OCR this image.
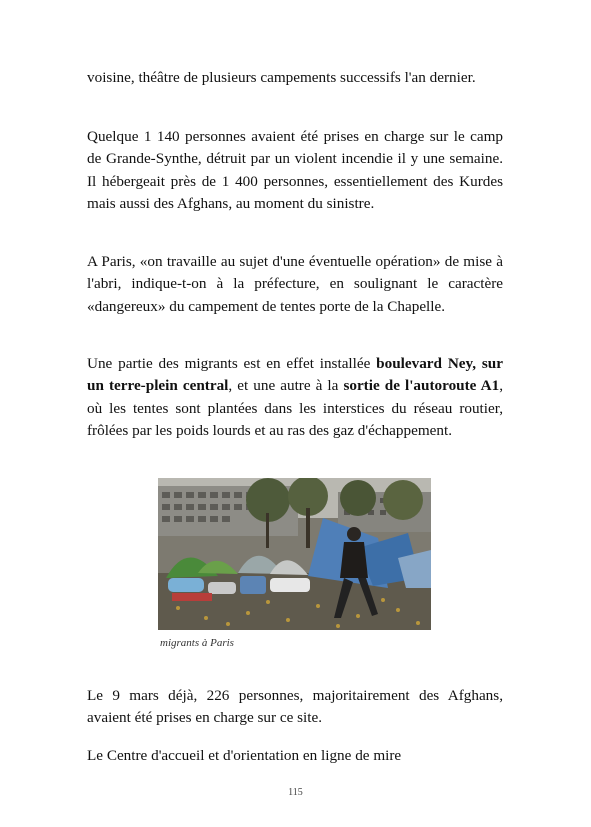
voisine, théâtre de plusieurs campements successifs l'an dernier.

Quelque 1 140 personnes avaient été prises en charge sur le camp de Grande-Synthe, détruit par un violent incendie il y une semaine. Il hébergeait près de 1 400 personnes, essentiellement des Kurdes mais aussi des Afghans, au moment du sinistre.

A Paris, «on travaille au sujet d'une éventuelle opération» de mise à l'abri, indique-t-on à la préfecture, en soulignant le caractère «dangereux» du campement de tentes porte de la Chapelle.

Une partie des migrants est en effet installée boulevard Ney, sur un terre-plein central, et une autre à la sortie de l'autoroute A1, où les tentes sont plantées dans les interstices du réseau routier, frôlées par les poids lourds et au ras des gaz d'échappement.

migrants à Paris

Le 9 mars déjà, 226 personnes, majoritairement des Afghans, avaient été prises en charge sur ce site.

Le Centre d'accueil et d'orientation en ligne de mire

115
